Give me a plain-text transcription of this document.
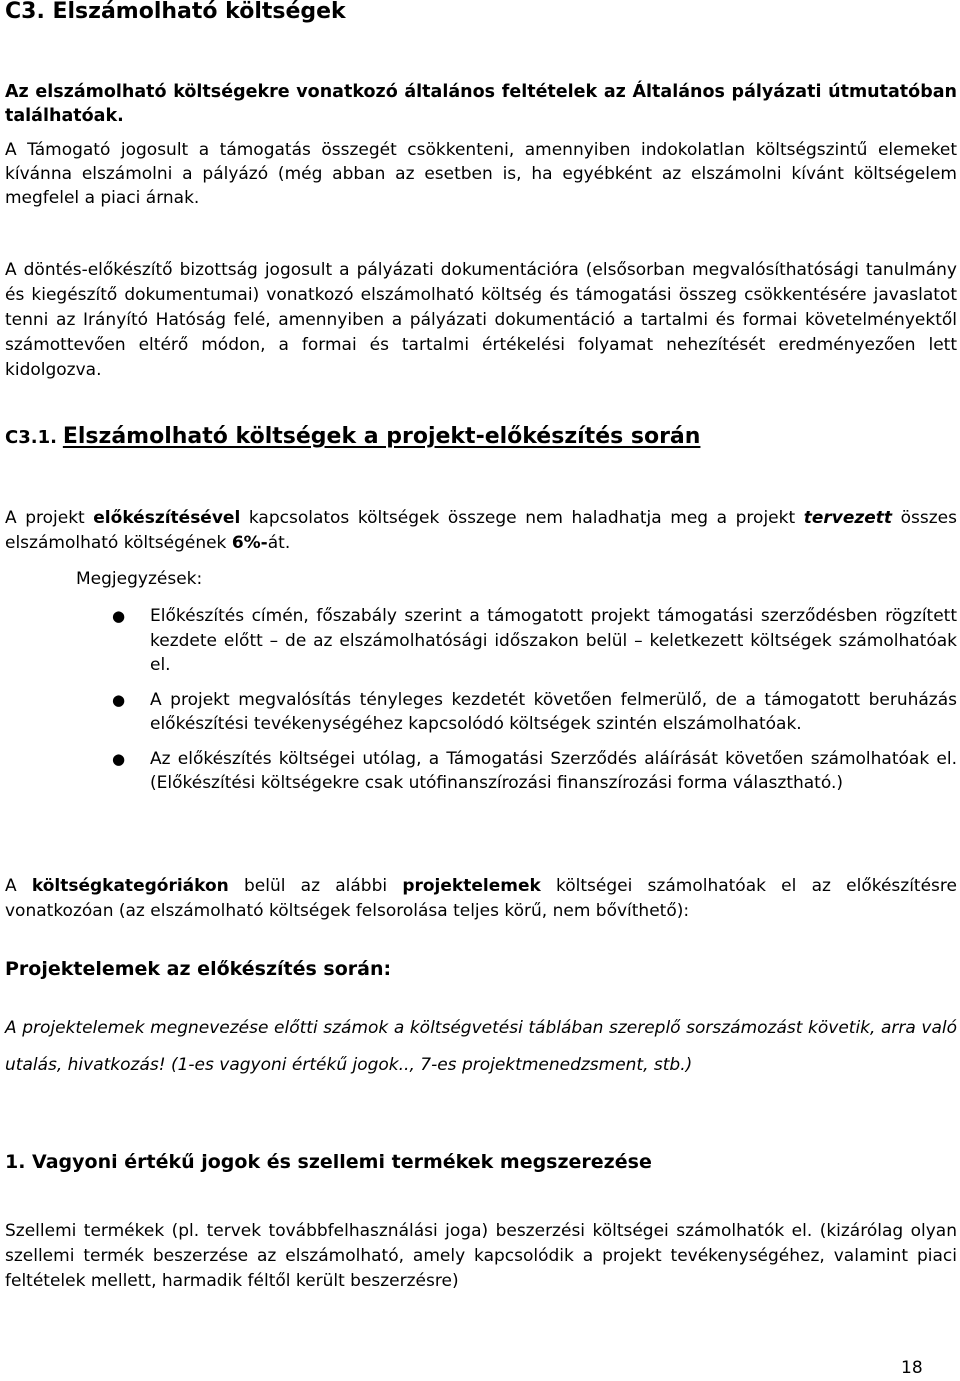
C3. Elszámolható költségek
Az elszámolható költségekre vonatkozó általános feltételek az Általános pályázati útmutatóban találhatóak.
A Támogató jogosult a támogatás összegét csökkenteni, amennyiben indokolatlan költségszintű elemeket kívánna elszámolni a pályázó (még abban az esetben is, ha egyébként az elszámolni kívánt költségelem megfelel a piaci árnak.
A döntés-előkészítő bizottság jogosult a pályázati dokumentációra (elsősorban megvalósíthatósági tanulmány és kiegészítő dokumentumai) vonatkozó elszámolható költség és támogatási összeg csökkentésére javaslatot tenni az Irányító Hatóság felé, amennyiben a pályázati dokumentáció a tartalmi és formai követelményektől számottevően eltérő módon, a formai és tartalmi értékelési folyamat nehezítését eredményezően lett kidolgozva.
C3.1. Elszámolható költségek a projekt-előkészítés során
A projekt előkészítésével kapcsolatos költségek összege nem haladhatja meg a projekt tervezett összes elszámolható költségének 6%-át.
Megjegyzések:
● Előkészítés címén, főszabály szerint a támogatott projekt támogatási szerződésben rögzített kezdete előtt – de az elszámolhatósági időszakon belül – keletkezett költségek számolhatóak el.
● A projekt megvalósítás tényleges kezdetét követően felmerülő, de a támogatott beruházás előkészítési tevékenységéhez kapcsolódó költségek szintén elszámolhatóak.
● Az előkészítés költségei utólag, a Támogatási Szerződés aláírását követően számolhatóak el. (Előkészítési költségekre csak utófinanszírozási finanszírozási forma választható.)
A költségkategóriákon belül az alábbi projektelemek költségei számolhatóak el az előkészítésre vonatkozóan (az elszámolható költségek felsorolása teljes körű, nem bővíthető):
Projektelemek az előkészítés során:
A projektelemek megnevezése előtti számok a költségvetési táblában szereplő sorszámozást követik, arra való utalás, hivatkozás! (1-es vagyoni értékű jogok.., 7-es projektmenedzsment, stb.)
1. Vagyoni értékű jogok és szellemi termékek megszerezése
Szellemi termékek (pl. tervek továbbfelhasználási joga) beszerzési költségei számolhatók el. (kizárólag olyan szellemi termék beszerzése az elszámolható, amely kapcsolódik a projekt tevékenységéhez, valamint piaci feltételek mellett, harmadik féltől került beszerzésre)
18
